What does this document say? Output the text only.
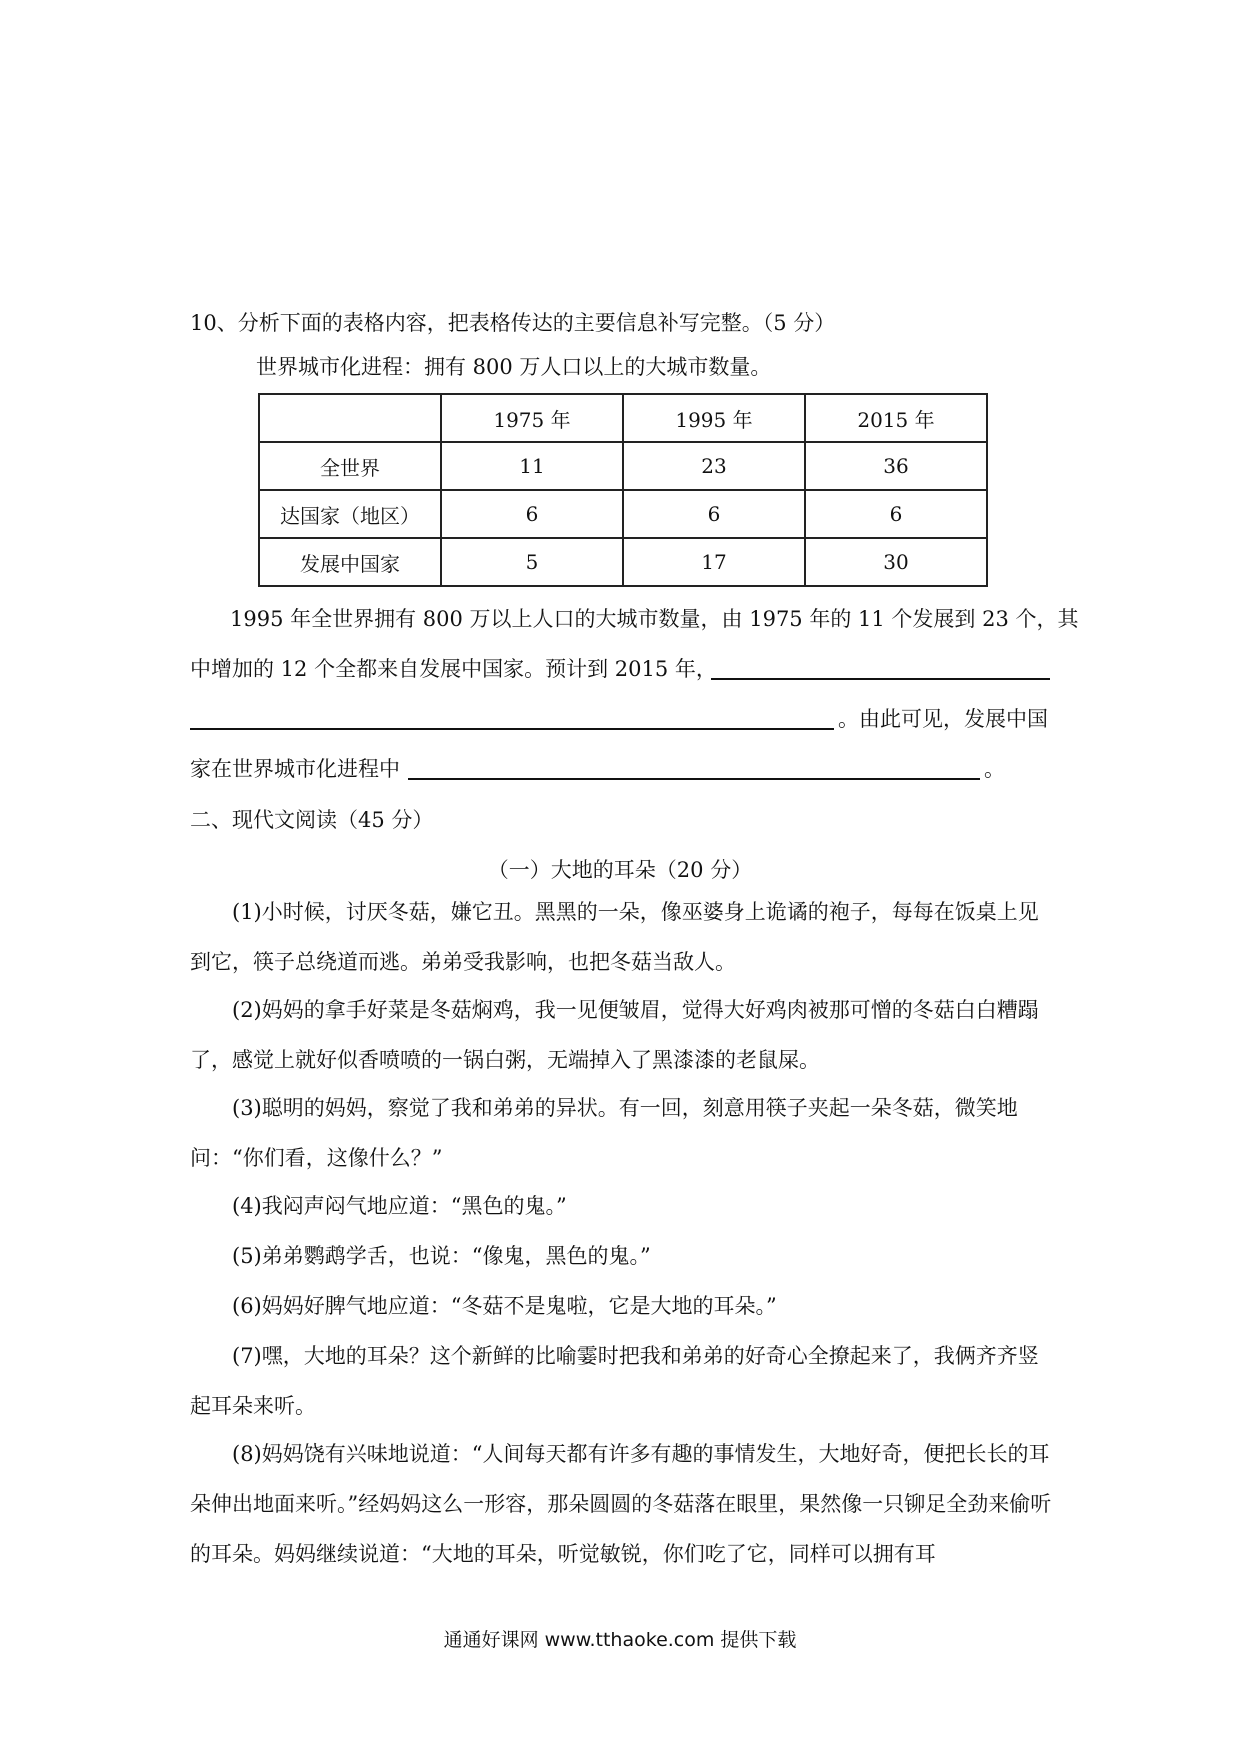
10、分析下面的表格内容，把表格传达的主要信息补写完整。（5 分）
世界城市化进程：拥有 800 万人口以上的大城市数量。
	1975 年	1995 年	2015 年
全世界	11	23	36
达国家（地区）	6	6	6
发展中国家	5	17	30
1995 年全世界拥有 800 万以上人口的大城市数量，由 1975 年的 11 个发展到 23 个，其
中增加的 12 个全都来自发展中国家。预计到 2015 年，
。由此可见，发展中国
家在世界城市化进程中	。
二、现代文阅读（45 分）
（一）大地的耳朵（20 分）
(1)小时候，讨厌冬菇，嫌它丑。黑黑的一朵，像巫婆身上诡谲的袍子，每每在饭桌上见到它，筷子总绕道而逃。弟弟受我影响，也把冬菇当敌人。
(2)妈妈的拿手好菜是冬菇焖鸡，我一见便皱眉，觉得大好鸡肉被那可憎的冬菇白白糟蹋 了，感觉上就好似香喷喷的一锅白粥，无端掉入了黑漆漆的老鼠屎。
(3)聪明的妈妈，察觉了我和弟弟的异状。有一回，刻意用筷子夹起一朵冬菇，微笑地问：“你们看，这像什么？”
(4)我闷声闷气地应道：“黑色的鬼。”
(5)弟弟鹦鹉学舌，也说：“像鬼，黑色的鬼。”
(6)妈妈好脾气地应道：“冬菇不是鬼啦，它是大地的耳朵。”
(7)嘿，大地的耳朵？这个新鲜的比喻霎时把我和弟弟的好奇心全撩起来了，我俩齐齐竖起耳朵来听。
(8)妈妈饶有兴味地说道：“人间每天都有许多有趣的事情发生，大地好奇，便把长长的耳朵伸出地面来听。”经妈妈这么一形容，那朵圆圆的冬菇落在眼里，果然像一只铆足全劲来偷听的耳朵。妈妈继续说道：“大地的耳朵，听觉敏锐，你们吃了它，同样可以拥有耳
通通好课网 www.tthaoke.com 提供下载
